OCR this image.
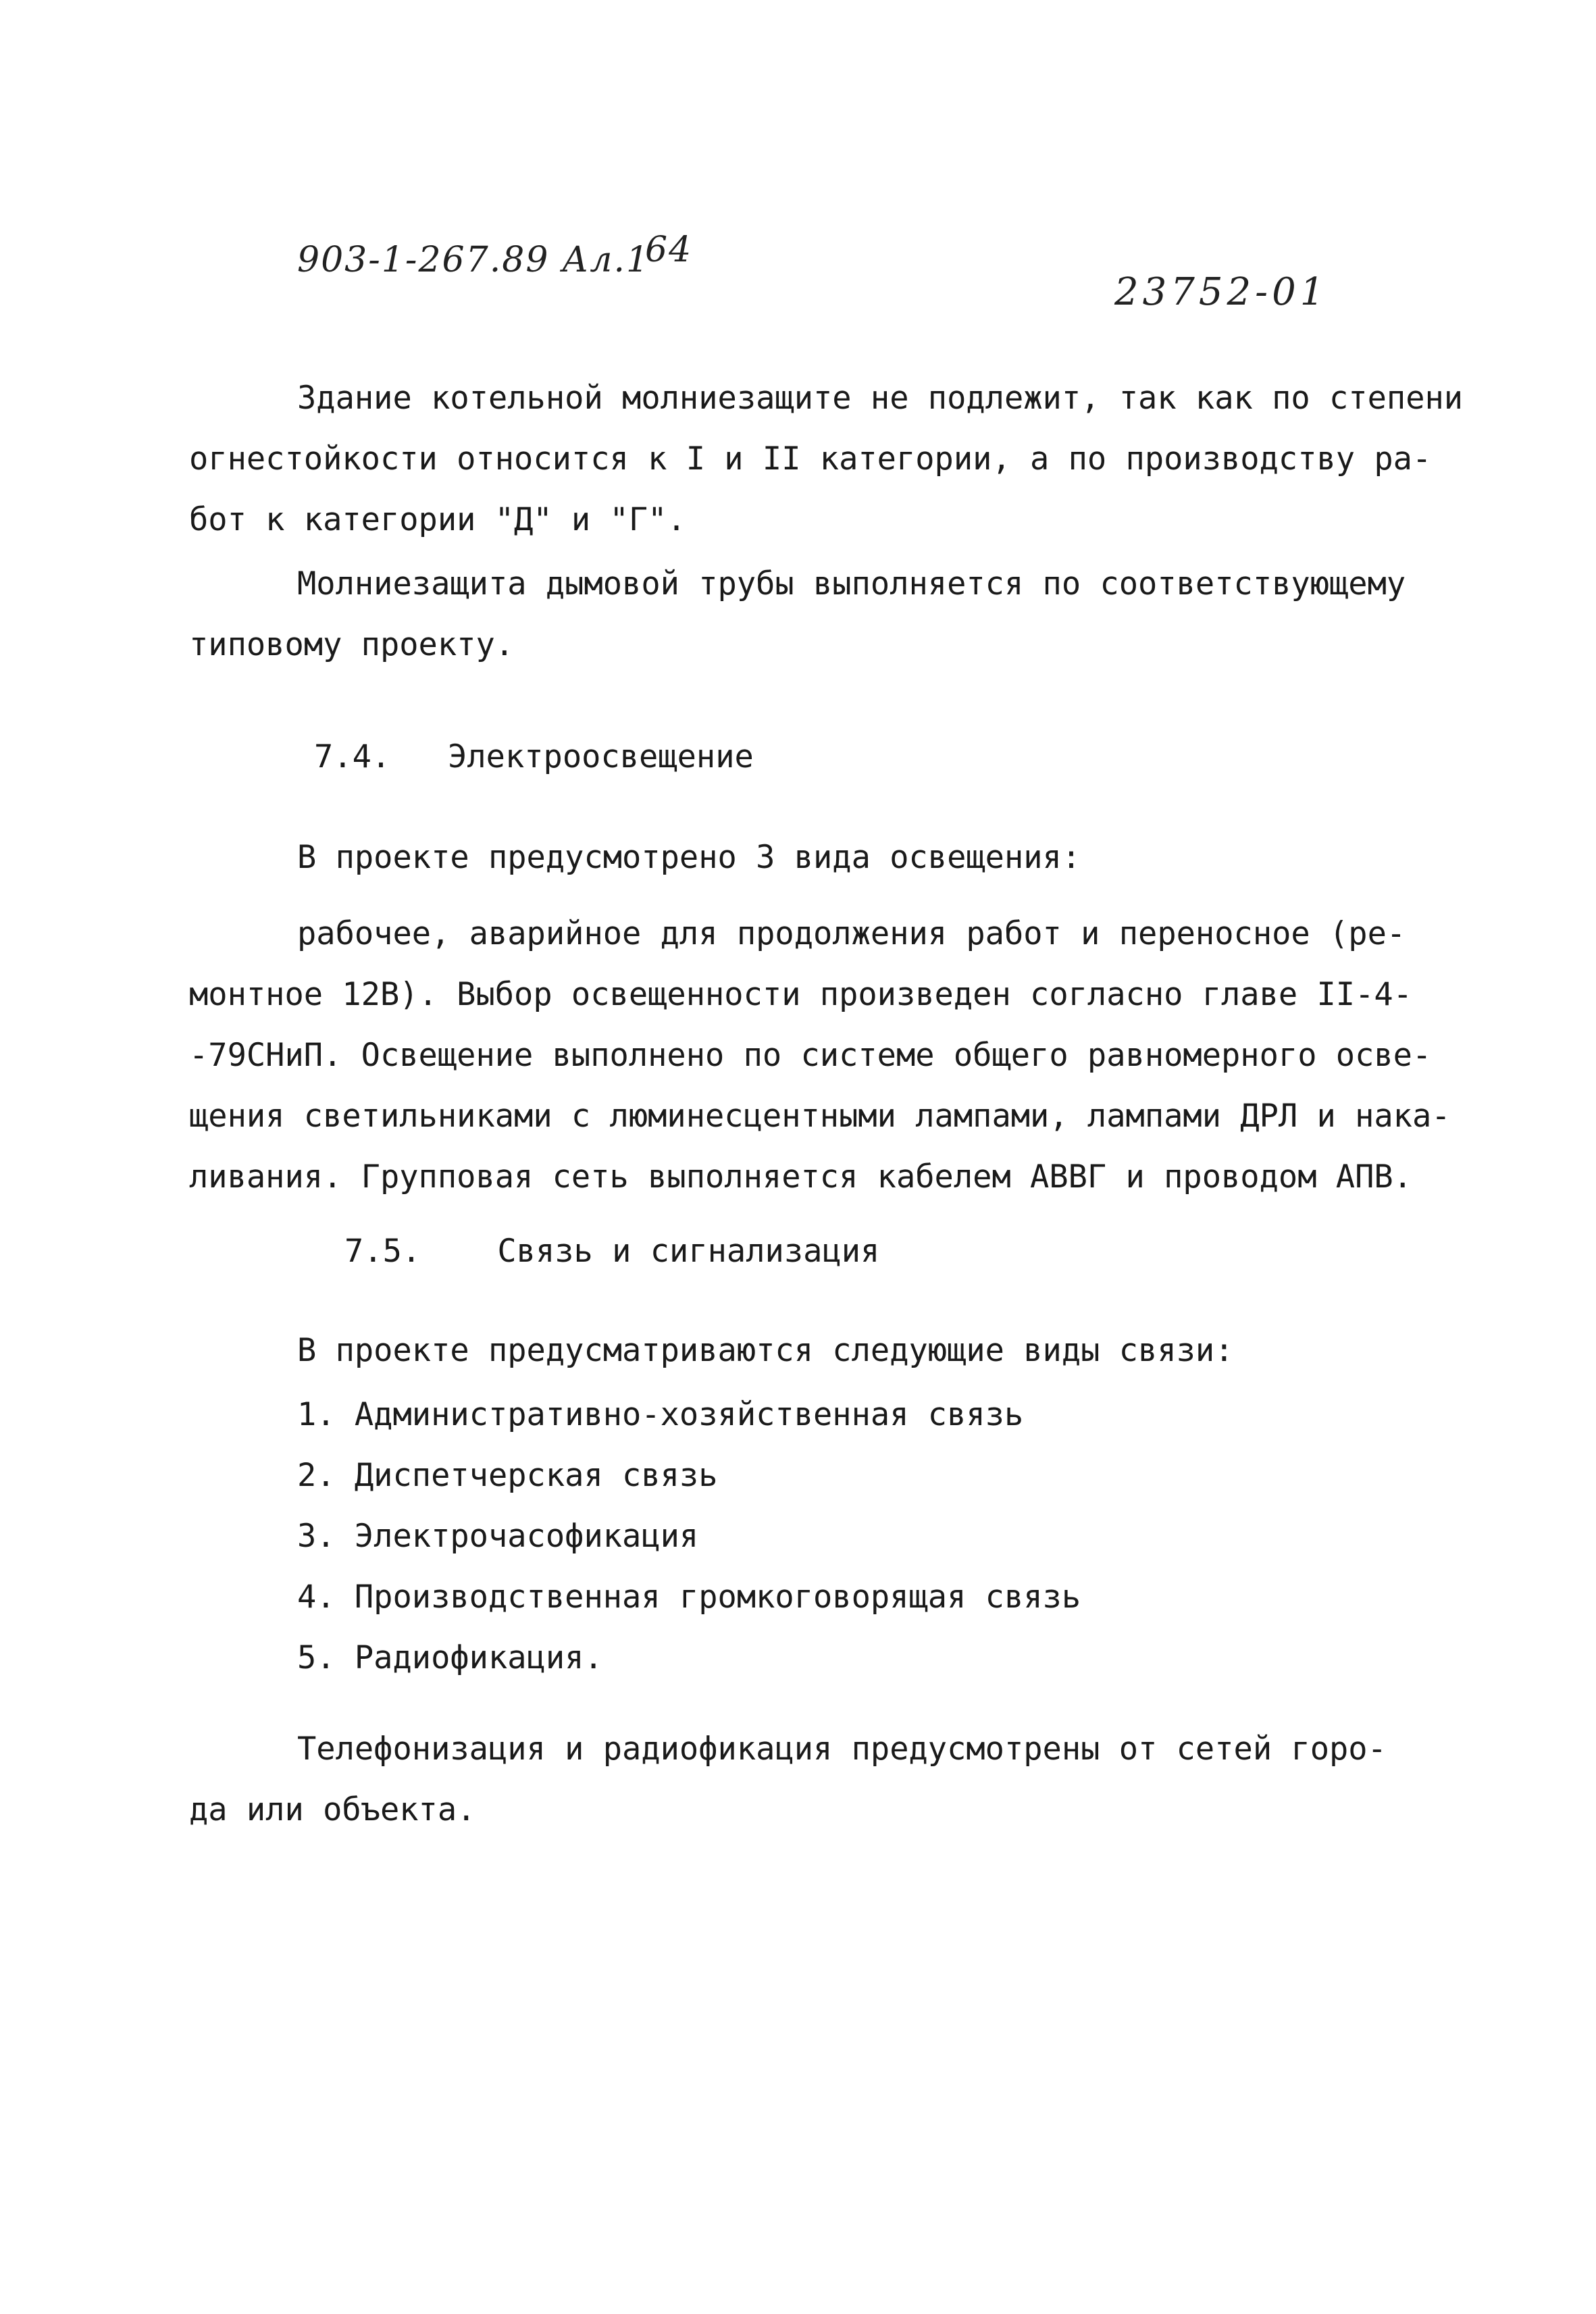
903-1-267.89 Ал.1
64
23752-01
Здание котельной молниезащите не подлежит, так как по степени
огнестойкости относится к I и II категории, а по производству ра-
бот к категории "Д" и "Г".
Молниезащита дымовой трубы выполняется по соответствующему
типовому проекту.
7.4. Электроосвещение
В проекте предусмотрено 3 вида освещения:
рабочее, аварийное для продолжения работ и переносное (ре-
монтное 12В). Выбор освещенности произведен согласно главе II-4-
-79СНиП. Освещение выполнено по системе общего равномерного осве-
щения светильниками с люминесцентными лампами, лампами ДРЛ и нака-
ливания. Групповая сеть выполняется кабелем АВВГ и проводом АПВ.
7.5. Связь и сигнализация
В проекте предусматриваются следующие виды связи:
1. Административно-хозяйственная связь
2. Диспетчерская связь
3. Электрочасофикация
4. Производственная громкоговорящая связь
5. Радиофикация.
Телефонизация и радиофикация предусмотрены от сетей горо-
да или объекта.
